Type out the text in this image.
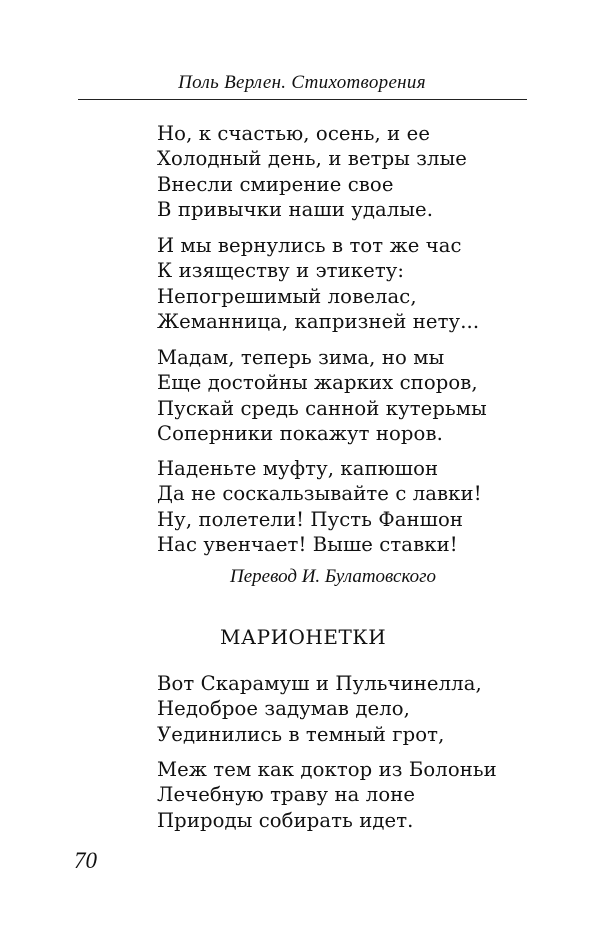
Поль Верлен. Стихотворения
Но, к счастью, осень, и ее
Холодный день, и ветры злые
Внесли смирение свое
В привычки наши удалые.
И мы вернулись в тот же час
К изяществу и этикету:
Непогрешимый ловелас,
Жеманница, капризней нету...
Мадам, теперь зима, но мы
Еще достойны жарких споров,
Пускай средь санной кутерьмы
Соперники покажут норов.
Наденьте муфту, капюшон
Да не соскальзывайте с лавки!
Ну, полетели! Пусть Фаншон
Нас увенчает! Выше ставки!
Перевод И. Булатовского
МАРИОНЕТКИ
Вот Скарамуш и Пульчинелла,
Недоброе задумав дело,
Уединились в темный грот,
Меж тем как доктор из Болоньи
Лечебную траву на лоне
Природы собирать идет.
70
